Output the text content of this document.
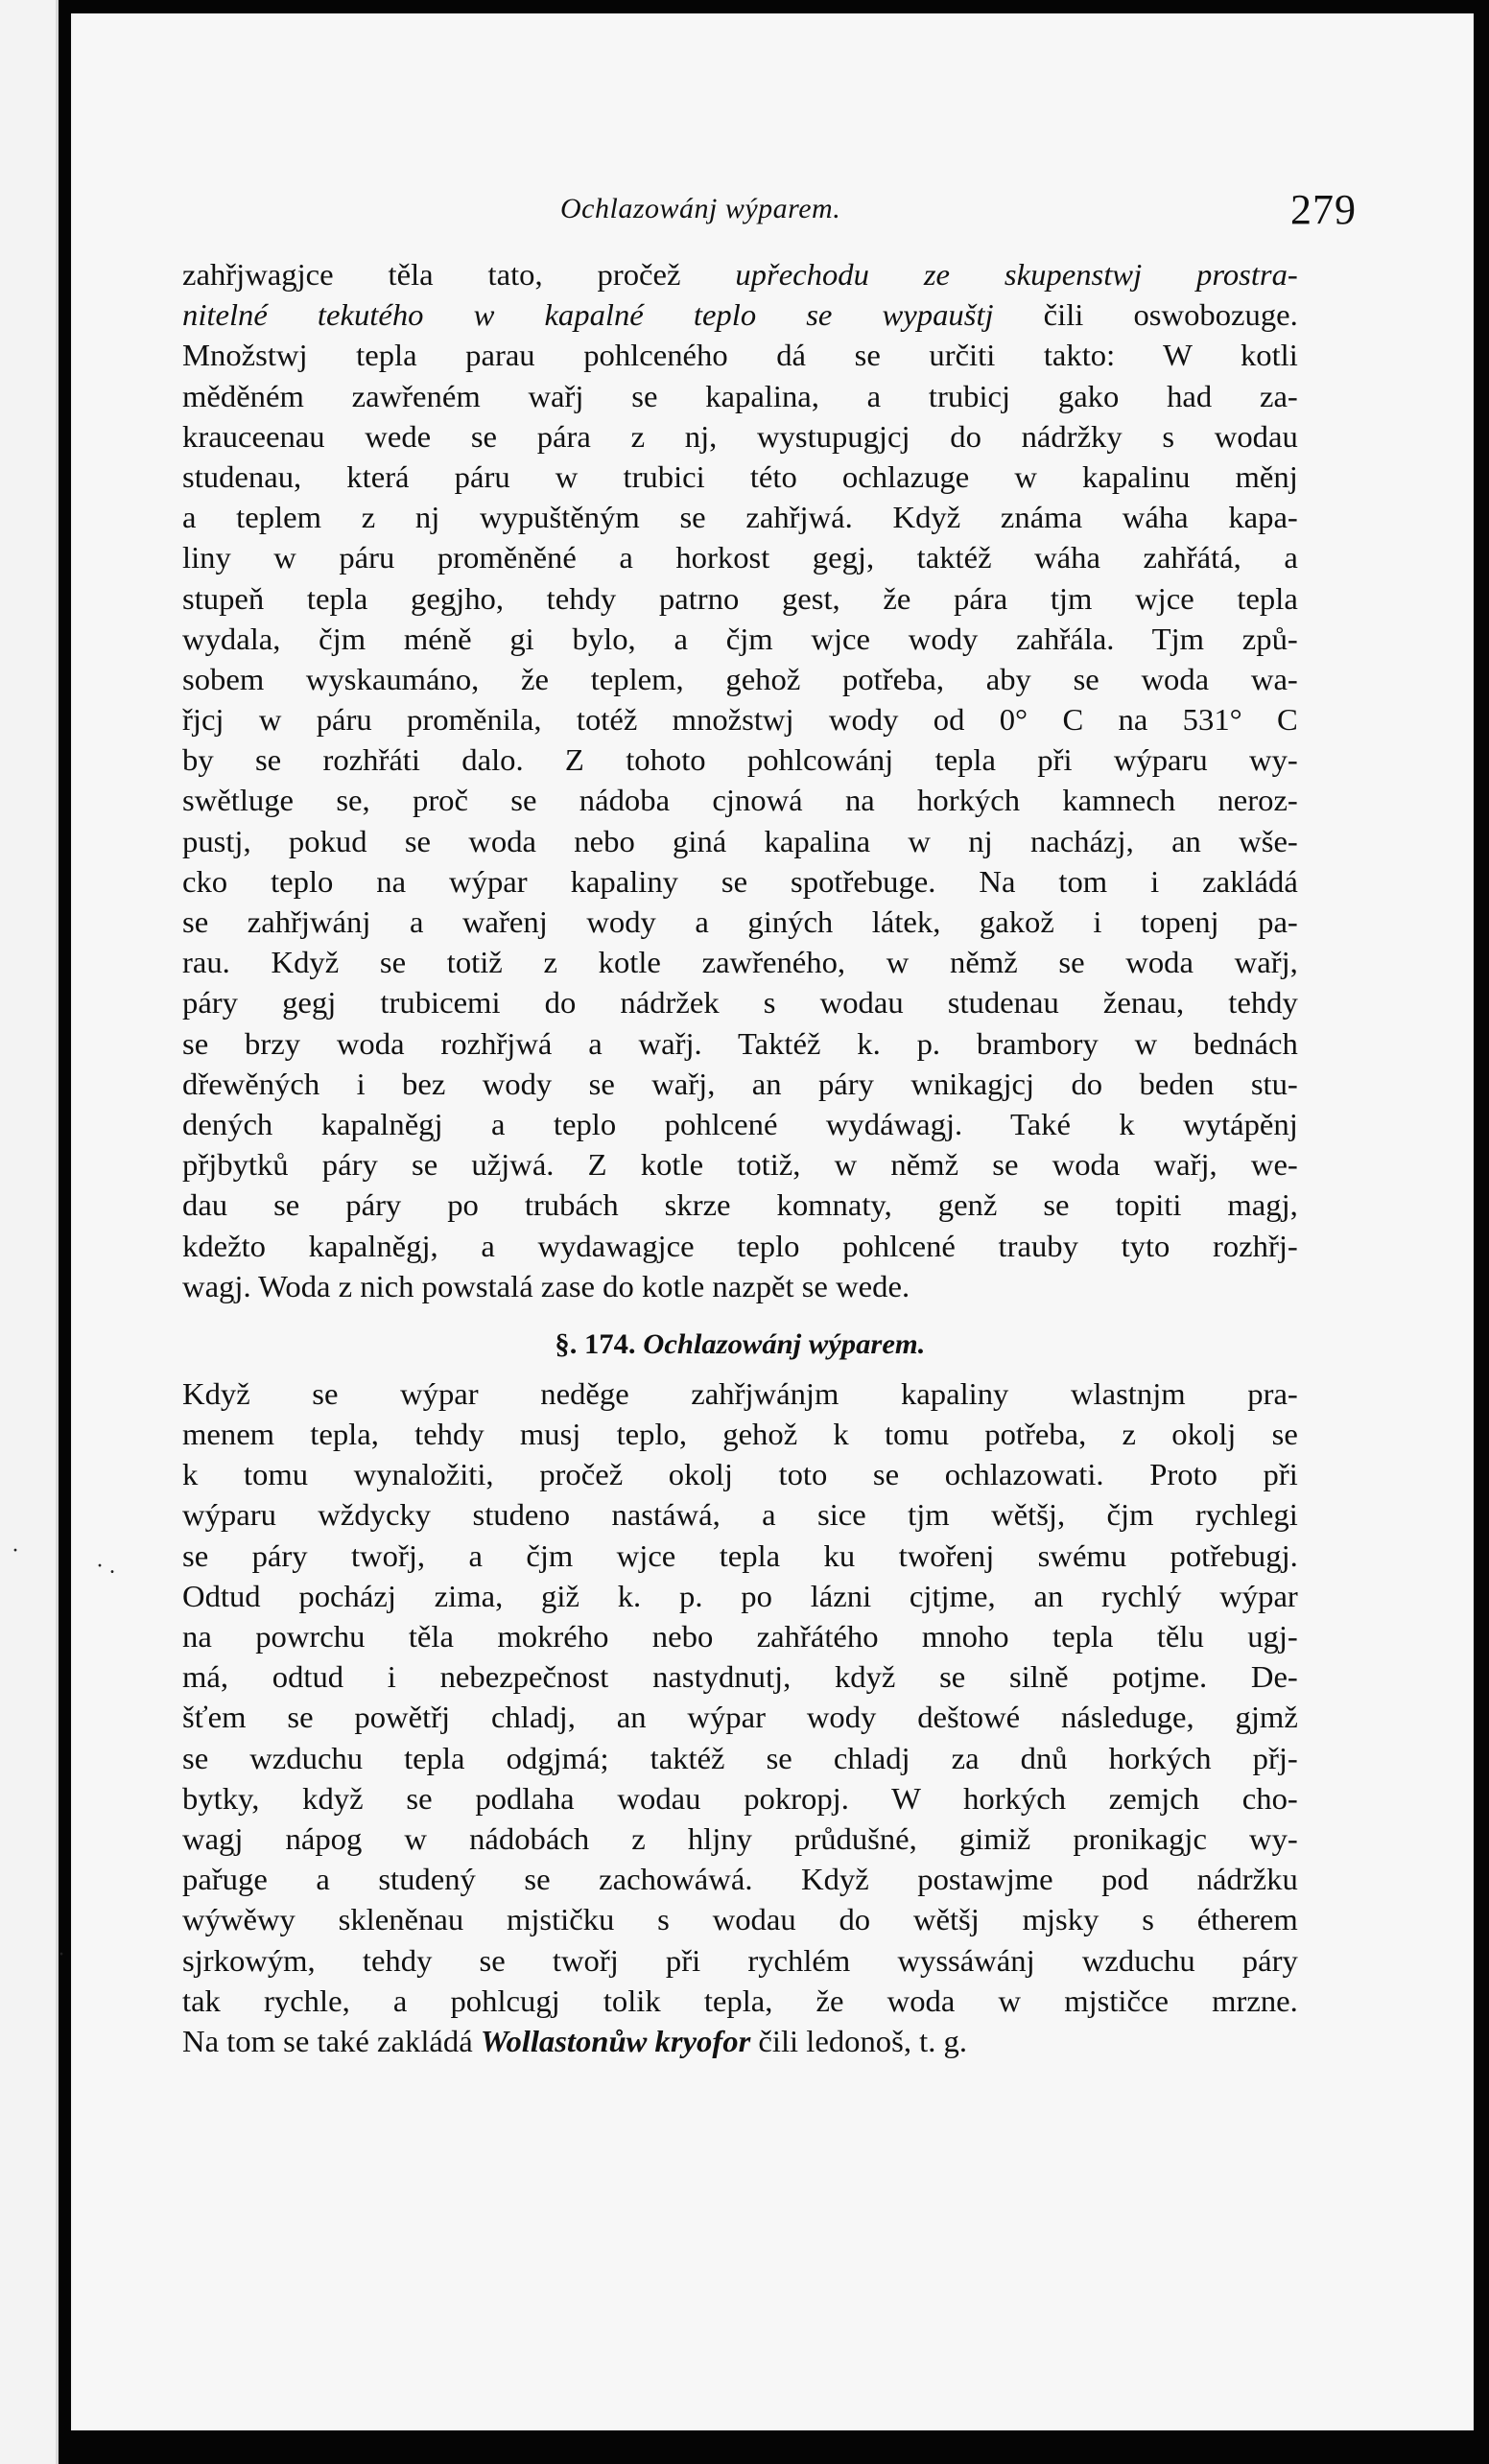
Ochlazowánj wýparem.	279
zahřjwagjce těla tato, pročež upřechodu ze skupenstwj prostra-
nitelné tekutého w kapalné teplo se wypauštj čili oswobozuge.
Množstwj tepla parau pohlceného dá se určiti takto: W kotli
měděném zawřeném wařj se kapalina, a trubicj gako had za-
krauceenau wede se pára z nj, wystupugjcj do nádržky s wodau
studenau, která páru w trubici této ochlazuge w kapalinu měnj
a teplem z nj wypuštěným se zahřjwá. Když známa wáha kapa-
liny w páru proměněné a horkost gegj, taktéž wáha zahřátá, a
stupeň tepla gegjho, tehdy patrno gest, že pára tjm wjce tepla
wydala, čjm méně gi bylo, a čjm wjce wody zahřála. Tjm způ-
sobem wyskaumáno, že teplem, gehož potřeba, aby se woda wa-
řjcj w páru proměnila, totéž množstwj wody od 0° C na 531° C
by se rozhřáti dalo. Z tohoto pohlcowánj tepla při wýparu wy-
swětluge se, proč se nádoba cjnowá na horkých kamnech neroz-
pustj, pokud se woda nebo giná kapalina w nj nacházj, an wše-
cko teplo na wýpar kapaliny se spotřebuge. Na tom i zakládá
se zahřjwánj a wařenj wody a giných látek, gakož i topenj pa-
rau. Když se totiž z kotle zawřeného, w němž se woda wařj,
páry gegj trubicemi do nádržek s wodau studenau ženau, tehdy
se brzy woda rozhřjwá a wařj. Taktéž k. p. brambory w bednách
dřewěných i bez wody se wařj, an páry wnikagjcj do beden stu-
dených kapalněgj a teplo pohlcené wydáwagj. Také k wytápěnj
přjbytků páry se užjwá. Z kotle totiž, w němž se woda wařj, we-
dau se páry po trubách skrze komnaty, genž se topiti magj,
kdežto kapalněgj, a wydawagjce teplo pohlcené trauby tyto rozhřj-
wagj. Woda z nich powstalá zase do kotle nazpět se wede.
§. 174. Ochlazowánj wýparem.
Když se wýpar neděge zahřjwánjm kapaliny wlastnjm pra-
menem tepla, tehdy musj teplo, gehož k tomu potřeba, z okolj se
k tomu wynaložiti, pročež okolj toto se ochlazowati. Proto při
wýparu wždycky studeno nastáwá, a sice tjm wětšj, čjm rychlegi
se páry twořj, a čjm wjce tepla ku twořenj swému potřebugj.
Odtud pocházj zima, giž k. p. po lázni cjtjme, an rychlý wýpar
na powrchu těla mokrého nebo zahřátého mnoho tepla tělu ugj-
má, odtud i nebezpečnost nastydnutj, když se silně potjme. De-
šťem se powětřj chladj, an wýpar wody deštowé následuge, gjmž
se wzduchu tepla odgjmá; taktéž se chladj za dnů horkých přj-
bytky, když se podlaha wodau pokropj. W horkých zemjch cho-
wagj nápog w nádobách z hljny průdušné, gimiž pronikagjc wy-
pařuge a studený se zachowáwá. Když postawjme pod nádržku
wýwěwy skleněnau mjstičku s wodau do wětšj mjsky s étherem
sjrkowým, tehdy se twořj při rychlém wyssáwánj wzduchu páry
tak rychle, a pohlcugj tolik tepla, že woda w mjstičce mrzne.
Na tom se také zakládá Wollastonůw kryofor čili ledonoš, t. g.
·
· .
·
